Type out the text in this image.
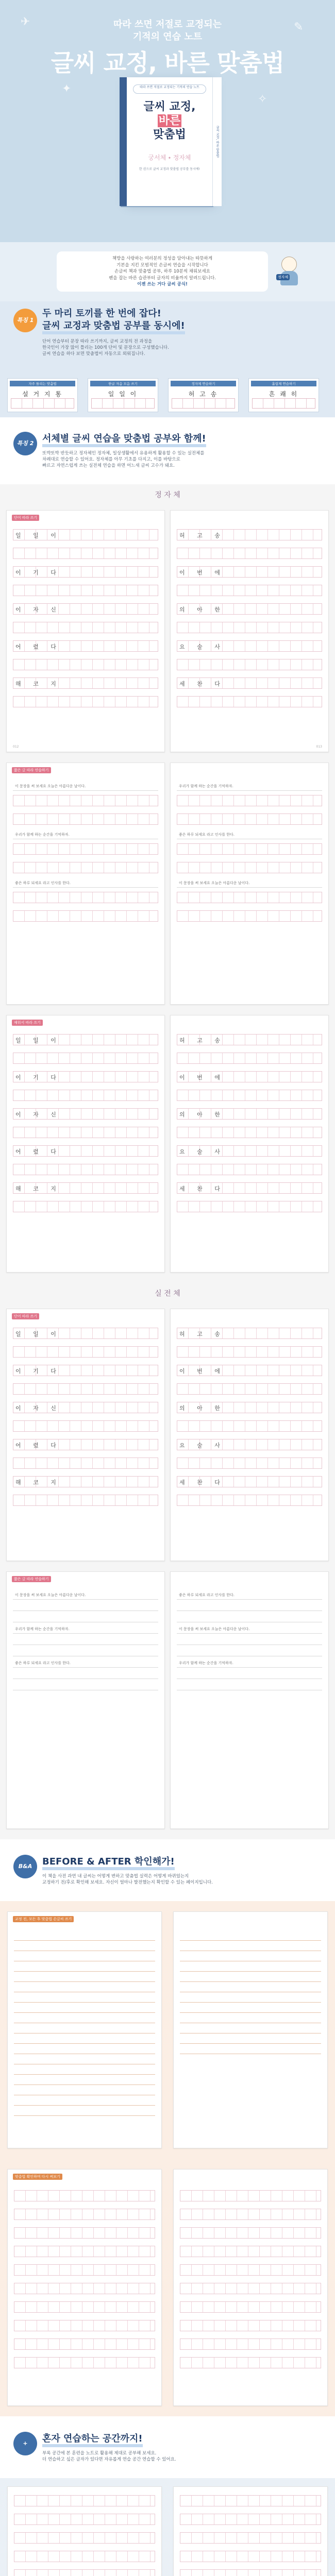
✈	✎
✦
✧
따라 쓰면 저절로 교정되는
기적의 연습 노트
글씨 교정, 바른 맞춤법
따라 쓰면 저절로 교정되는 기적의 연습 노트
글씨 교정,
바른
맞춤법
궁서체 ∙ 정자체
한 권으로 글씨 교정과 맞춤법 공부를 동시에!
글씨 교정, 바른 맞춤법

책방을 사랑하는 여러분의 정성을 담아내는 따뜻하게

기본을 지킨 모범적인 손글씨 연습을 시작합니다

손글씨 책과 맞춤법 공부, 하루 10분씩 채워보세요

펜을 잡는 바른 습관부터 글자의 비율까지 알려드립니다.

이젠 쓰는 거다 글씨 공식!

정자체
특징 1
두 마리 토끼를 한 번에 잡다!
글씨 교정과 맞춤법 공부를 동시에!
단어 연습부터 문장 따라 쓰기까지, 글씨 교정의 전 과정을
한국인이 가장 많이 틀리는 100개 단어 및 문장으로 구성했습니다.
글씨 연습을 하다 보면 맞춤법이 자동으로 외워집니다.
자주 틀리는 맞춤법
설 거 지 통
한글 자음 모음 쓰기
일 일 이
정자체 연습하기
허 고 송
흘림체 연습하기
흔 쾌 히
특징 2 서체별 글씨 연습을 맞춤법 공부와 함께!
또박또박 반듯하고 정자체인 정자체, 일상생활에서 유용하게 활용할 수 있는 실전체를
차례대로 연습할 수 있어요. 정자체를 아무 기초를 다지고, 이를 바탕으로
빠르고 자연스럽게 쓰는 실전체 연습을 하면 어느새 글씨 고수가 돼요.
정 자 체
단어 따라 쓰기
일 일 이
이 기 다
이 자 신
어 렸 다
해 코 지
012
허 고 송
이 번 에
의 아 한
요 술 사
세 찬 다
013
짧은 글 따라 연습하기
이 문장을 써 보세요 오늘은 아름다운 날이다.
우리가 함께 하는 순간을 기억하자.
좋은 하루 되세요 라고 인사를 한다.
우리가 함께 하는 순간을 기억하자.
좋은 하루 되세요 라고 인사를 한다.
이 문장을 써 보세요 오늘은 아름다운 날이다.
채워서 따라 쓰기
일 일 이
이 기 다
이 자 신
어 렸 다
해 코 지
허 고 송
이 번 에
의 아 한
요 술 사
세 찬 다
실 전 체
단어 따라 쓰기
일 일 이
이 기 다
이 자 신
어 렸 다
해 코 지
허 고 송
이 번 에
의 아 한
요 술 사
세 찬 다
짧은 글 따라 연습하기
이 문장을 써 보세요 오늘은 아름다운 날이다.
우리가 함께 하는 순간을 기억하자.
좋은 하루 되세요 라고 인사를 한다.
좋은 하루 되세요 라고 인사를 한다.
이 문장을 써 보세요 오늘은 아름다운 날이다.
우리가 함께 하는 순간을 기억하자.
B&A	BEFORE & AFTER 학인해가!
이 책을 사전 과연 내 글씨는 어떻게 변하고 맞춤법 실력은 어떻게 바뀌었는지
교정하기 전/후로 확인해 보세요. 자신이 얼마나 발전했는지 확인할 수 있는 페이지입니다.
교정 전, 모든 후 맞춤법 손글씨 쓰기
맞춤법 확인하며 다시 써보기
+	혼자 연습하는 공간까지!
부록 공간에 본 훈련을 노트로 활용해 제대로 공부해 보세요.
더 연습하고 싶은 글자가 있다면 자유롭게 연습 공간 연습할 수 있어요.
